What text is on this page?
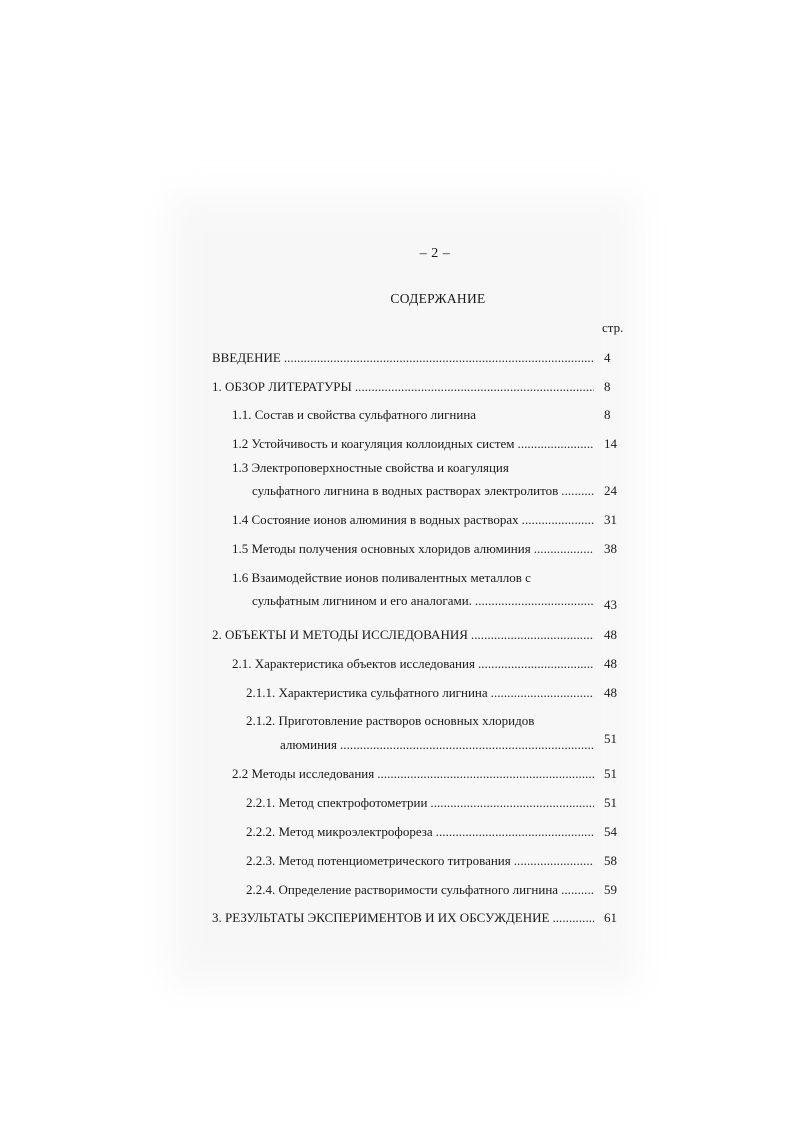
– 2 –
СОДЕРЖАНИЕ
стр.
ВВЕДЕНИЕ . . .	4
1. ОБЗОР ЛИТЕРАТУРЫ . . .	8
1.1. Состав и свойства сульфатного лигнина	8
1.2 Устойчивость и коагуляция коллоидных систем . . .	14
1.3 Электроповерхностные свойства и коагуляция
сульфатного лигнина в водных растворах электролитов . . .	24
1.4 Состояние ионов алюминия в водных растворах . . .	31
1.5 Методы получения основных хлоридов алюминия . . .	38
1.6 Взаимодействие ионов поливалентных металлов с
сульфатным лигнином и его аналогами. . . .	43
2. ОБЪЕКТЫ И МЕТОДЫ ИССЛЕДОВАНИЯ . . .	48
2.1. Характеристика объектов исследования . . .	48
2.1.1. Характеристика сульфатного лигнина . . .	48
2.1.2. Приготовление растворов основных хлоридов
алюминия . . .	51
2.2 Методы исследования . . .	51
2.2.1. Метод спектрофотометрии . . .	51
2.2.2. Метод микроэлектрофореза . . .	54
2.2.3. Метод потенциометрического титрования . . .	58
2.2.4. Определение растворимости сульфатного лигнина . . .	59
3. РЕЗУЛЬТАТЫ ЭКСПЕРИМЕНТОВ И ИХ ОБСУЖДЕНИЕ . . .	61
